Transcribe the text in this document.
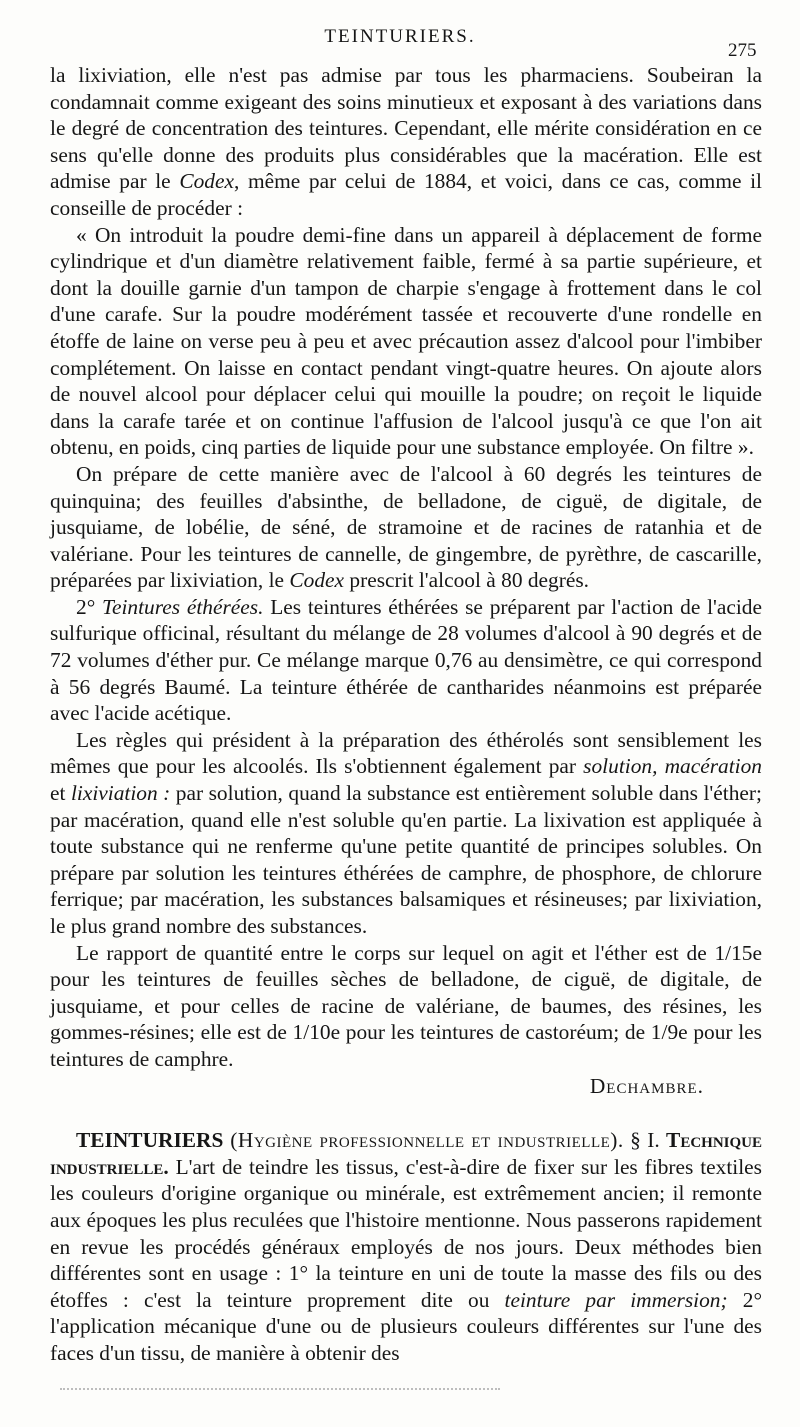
TEINTURIERS.
275

la lixiviation, elle n'est pas admise par tous les pharmaciens. Soubeiran la condamnait comme exigeant des soins minutieux et exposant à des variations dans le degré de concentration des teintures. Cependant, elle mérite considération en ce sens qu'elle donne des produits plus considérables que la macération. Elle est admise par le Codex, même par celui de 1884, et voici, dans ce cas, comme il conseille de procéder :

« On introduit la poudre demi-fine dans un appareil à déplacement de forme cylindrique et d'un diamètre relativement faible, fermé à sa partie supérieure, et dont la douille garnie d'un tampon de charpie s'engage à frottement dans le col d'une carafe. Sur la poudre modérément tassée et recouverte d'une rondelle en étoffe de laine on verse peu à peu et avec précaution assez d'alcool pour l'imbiber complétement. On laisse en contact pendant vingt-quatre heures. On ajoute alors de nouvel alcool pour déplacer celui qui mouille la poudre; on reçoit le liquide dans la carafe tarée et on continue l'affusion de l'alcool jusqu'à ce que l'on ait obtenu, en poids, cinq parties de liquide pour une substance employée. On filtre ».

On prépare de cette manière avec de l'alcool à 60 degrés les teintures de quinquina; des feuilles d'absinthe, de belladone, de ciguë, de digitale, de jusquiame, de lobélie, de séné, de stramoine et de racines de ratanhia et de valériane. Pour les teintures de cannelle, de gingembre, de pyrèthre, de cascarille, préparées par lixiviation, le Codex prescrit l'alcool à 80 degrés.

2° Teintures éthérées. Les teintures éthérées se préparent par l'action de l'acide sulfurique officinal, résultant du mélange de 28 volumes d'alcool à 90 degrés et de 72 volumes d'éther pur. Ce mélange marque 0,76 au densimètre, ce qui correspond à 56 degrés Baumé. La teinture éthérée de cantharides néanmoins est préparée avec l'acide acétique.

Les règles qui président à la préparation des éthérolés sont sensiblement les mêmes que pour les alcoolés. Ils s'obtiennent également par solution, macération et lixiviation : par solution, quand la substance est entièrement soluble dans l'éther; par macération, quand elle n'est soluble qu'en partie. La lixivation est appliquée à toute substance qui ne renferme qu'une petite quantité de principes solubles. On prépare par solution les teintures éthérées de camphre, de phosphore, de chlorure ferrique; par macération, les substances balsamiques et résineuses; par lixiviation, le plus grand nombre des substances.

Le rapport de quantité entre le corps sur lequel on agit et l'éther est de 1/15e pour les teintures de feuilles sèches de belladone, de ciguë, de digitale, de jusquiame, et pour celles de racine de valériane, de baumes, des résines, les gommes-résines; elle est de 1/10e pour les teintures de castoréum; de 1/9e pour les teintures de camphre.

Dechambre.

TEINTURIERS (Hygiène professionnelle et industrielle). § I. Technique industrielle. L'art de teindre les tissus, c'est-à-dire de fixer sur les fibres textiles les couleurs d'origine organique ou minérale, est extrêmement ancien; il remonte aux époques les plus reculées que l'histoire mentionne. Nous passerons rapidement en revue les procédés généraux employés de nos jours. Deux méthodes bien différentes sont en usage : 1° la teinture en uni de toute la masse des fils ou des étoffes : c'est la teinture proprement dite ou teinture par immersion; 2° l'application mécanique d'une ou de plusieurs couleurs différentes sur l'une des faces d'un tissu, de manière à obtenir des
